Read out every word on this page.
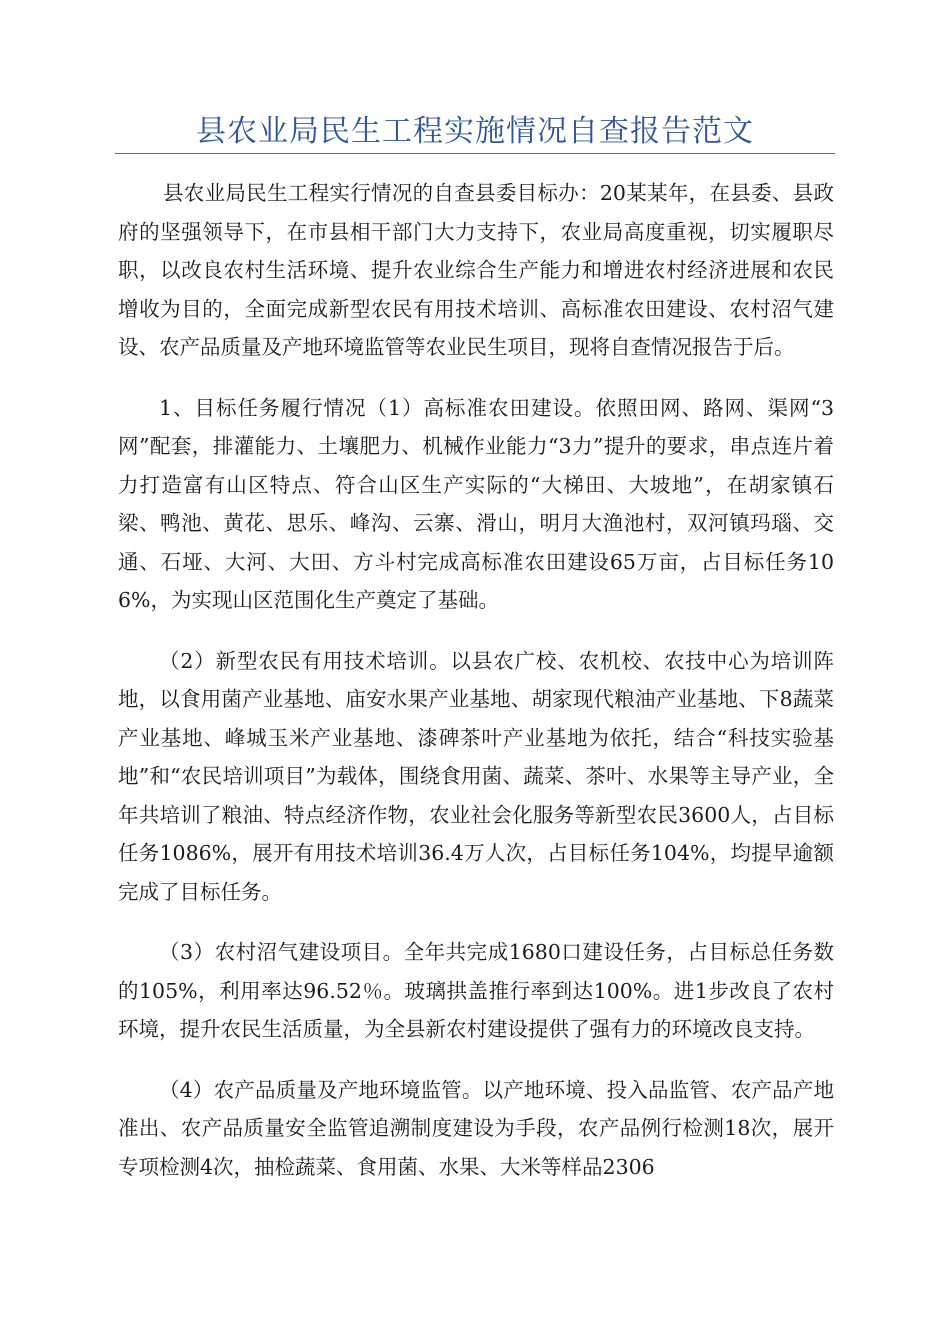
县农业局民生工程实施情况自查报告范文

县农业局民生工程实行情况的自查县委目标办：20某某年，在县委、县政府的坚强领导下，在市县相干部门大力支持下，农业局高度重视，切实履职尽职，以改良农村生活环境、提升农业综合生产能力和增进农村经济进展和农民增收为目的，全面完成新型农民有用技术培训、高标准农田建设、农村沼气建设、农产品质量及产地环境监管等农业民生项目，现将自查情况报告于后。

1、目标任务履行情况（1）高标准农田建设。依照田网、路网、渠网“3网”配套，排灌能力、土壤肥力、机械作业能力“3力”提升的要求，串点连片着力打造富有山区特点、符合山区生产实际的“大梯田、大坡地”，在胡家镇石梁、鸭池、黄花、思乐、峰沟、云寨、滑山，明月大渔池村，双河镇玛瑙、交通、石垭、大河、大田、方斗村完成高标准农田建设65万亩，占目标任务106%，为实现山区范围化生产奠定了基础。

（2）新型农民有用技术培训。以县农广校、农机校、农技中心为培训阵地，以食用菌产业基地、庙安水果产业基地、胡家现代粮油产业基地、下8蔬菜产业基地、峰城玉米产业基地、漆碑茶叶产业基地为依托，结合“科技实验基地”和“农民培训项目”为载体，围绕食用菌、蔬菜、茶叶、水果等主导产业，全年共培训了粮油、特点经济作物，农业社会化服务等新型农民3600人，占目标任务1086%，展开有用技术培训36.4万人次，占目标任务104%，均提早逾额完成了目标任务。

（3）农村沼气建设项目。全年共完成1680口建设任务，占目标总任务数的105%，利用率达96.52％。玻璃拱盖推行率到达100%。进1步改良了农村环境，提升农民生活质量，为全县新农村建设提供了强有力的环境改良支持。

（4）农产品质量及产地环境监管。以产地环境、投入品监管、农产品产地准出、农产品质量安全监管追溯制度建设为手段，农产品例行检测18次，展开专项检测4次，抽检蔬菜、食用菌、水果、大米等样品2306
